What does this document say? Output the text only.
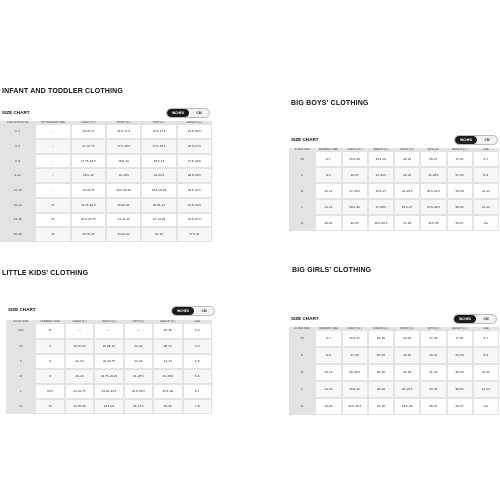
INFANT AND TODDLER CLOTHING
SIZE CHART	INCHES	CM
AGE IN MONTHS	US TODDLER SIZE	CHEST (in.)	WAIST (in.)	HIPS (in.)	HEIGHT (in.)
0–3	–	16.25–17	16.5–17.5	16.5–17.5	23.5–25.5
3–6	–	17–17.75	17.5–18.5	17.5–18.5	25.5–27.5
6–9	–	17.75–18.5	18.5–19	18.5–19	27.5–28.5
9–12	–	18.5–19	19–19.5	19–19.5	28.5–29.5
12–18	–	19–19.75	19.5–20.25	19.5–20.25	29.5–31.5
18–24	2T	19.75–20.5	20.25–21	20.25–21	31.5–33.5
24–36	3T	20.5–20.75	21–21.25	21–21.25	33.5–37.5
36–48	4T	20.75–22	21.25–22	22–23	37.5–41
BIG BOYS' CLOTHING
SIZE CHART	INCHES	CM
ALPHA SIZE	NUMERIC SIZE	CHEST (in.)	INSEAM (in.)	WAIST (in.)	HIPS (in.)	HEIGHT (in.)	AGE
XS	6–7	25.5–26	23.5–24	22–23	26–27	47–51	6–7
S	8–9	26–27	24–25.5	23–24	26–28.5	51–55	8–9
M	10–12	27–28.5	25.5–27	24–25.5	28.5–31.5	55–59	10–11
L	14–16	28.5–32	27–28.5	25.5–27	31.5–33.5	59–63	12–13
XL	18–20	32–35	28.5–29.5	27–28	33.5–35	63–67	14+
LITTLE KIDS' CLOTHING
SIZE CHART	INCHES	CM
ALPHA SIZE	NUMERIC SIZE	CHEST (in.)	WAIST (in.)	HIPS (in.)	HEIGHT (in.)	AGE
XXS	3T	—	—	—	36–38	2–3
XS	4	20.75–22	21.25–22	22–23	38–41	3–4
S	5	22–23	22–22.75	23–24	41–43	4–5
M	6	23–24	22.75–23.25	24–25.5	43–45.5	5–6
L	6X/7	24–24.75	23.25–23.5	25.5–26.5	45.5–48	6–7
XL	7X	24.75–26	23.5–24	26–27.5	48–50	7–8
BIG GIRLS' CLOTHING
SIZE CHART	INCHES	CM
ALPHA SIZE	NUMERIC SIZE	CHEST (in.)	INSEAM (in.)	WAIST (in.)	HIPS (in.)	HEIGHT (in.)	AGE
XS	6–7	25.5–27	23–25	22–23	27–28	47–51	6–7
S	8–9	27–28	25–26	23–24	29–31	51–55	8–9
M	10–12	28–29.5	26–28	24–25	31–33	55–59	10–11
L	14–16	29.5–32	28–29	25–26.5	33–35	59–63	12–13
XL	18–20	32.5–36.5	29–30	26.5–29	35–37	63–67	14+
